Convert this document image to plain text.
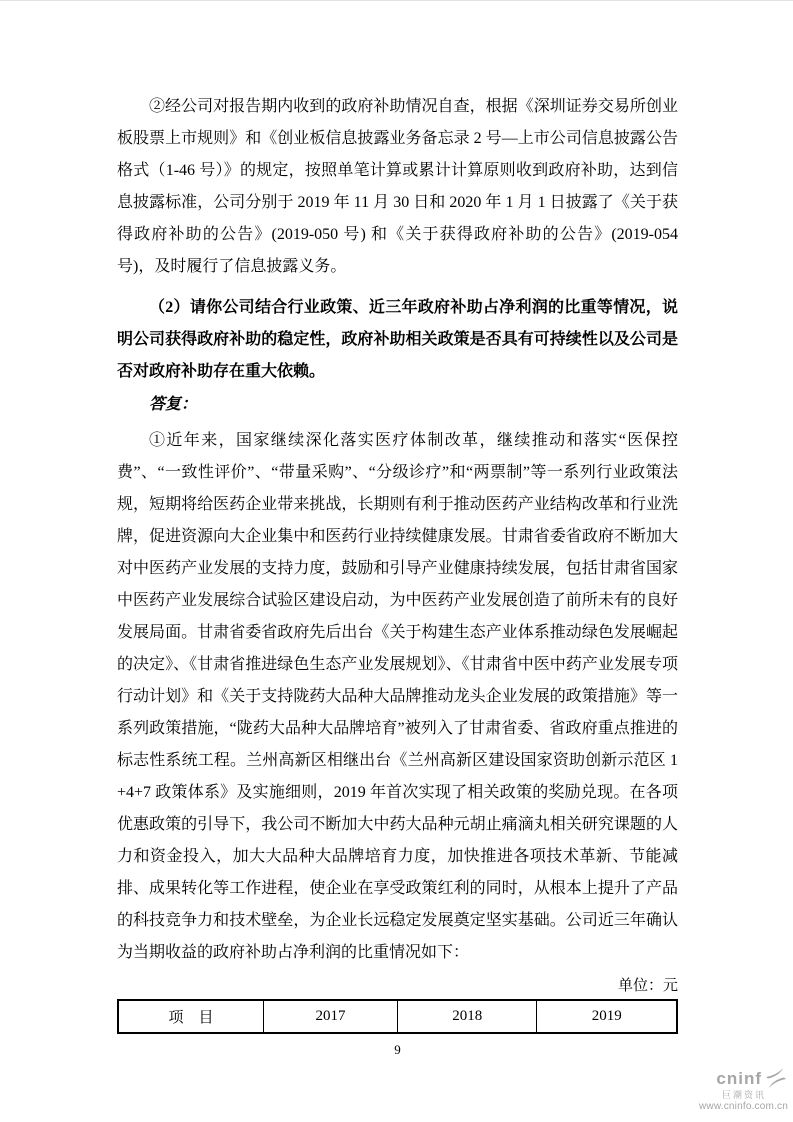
②经公司对报告期内收到的政府补助情况自查，根据《深圳证券交易所创业板股票上市规则》和《创业板信息披露业务备忘录 2 号—上市公司信息披露公告格式（1-46 号）》的规定，按照单笔计算或累计计算原则收到政府补助，达到信息披露标准，公司分别于 2019 年 11 月 30 日和 2020 年 1 月 1 日披露了《关于获得政府补助的公告》(2019-050 号) 和《关于获得政府补助的公告》(2019-054 号)，及时履行了信息披露义务。

（2）请你公司结合行业政策、近三年政府补助占净利润的比重等情况，说明公司获得政府补助的稳定性，政府补助相关政策是否具有可持续性以及公司是否对政府补助存在重大依赖。

答复：

①近年来，国家继续深化落实医疗体制改革，继续推动和落实“医保控费”、“一致性评价”、“带量采购”、“分级诊疗”和“两票制”等一系列行业政策法规，短期将给医药企业带来挑战，长期则有利于推动医药产业结构改革和行业洗牌，促进资源向大企业集中和医药行业持续健康发展。甘肃省委省政府不断加大对中医药产业发展的支持力度，鼓励和引导产业健康持续发展，包括甘肃省国家中医药产业发展综合试验区建设启动，为中医药产业发展创造了前所未有的良好发展局面。甘肃省委省政府先后出台《关于构建生态产业体系推动绿色发展崛起的决定》、《甘肃省推进绿色生态产业发展规划》、《甘肃省中医中药产业发展专项行动计划》和《关于支持陇药大品种大品牌推动龙头企业发展的政策措施》等一系列政策措施，“陇药大品种大品牌培育”被列入了甘肃省委、省政府重点推进的标志性系统工程。兰州高新区相继出台《兰州高新区建设国家资助创新示范区 1+4+7 政策体系》及实施细则，2019 年首次实现了相关政策的奖励兑现。在各项优惠政策的引导下，我公司不断加大中药大品种元胡止痛滴丸相关研究课题的人力和资金投入，加大大品种大品牌培育力度，加快推进各项技术革新、节能减排、成果转化等工作进程，使企业在享受政策红利的同时，从根本上提升了产品的科技竞争力和技术壁垒，为企业长远稳定发展奠定坚实基础。公司近三年确认为当期收益的政府补助占净利润的比重情况如下：

单位：元

项　目	2017	2018	2019

9

cninf
巨潮资讯
www.cninfo.com.cn
